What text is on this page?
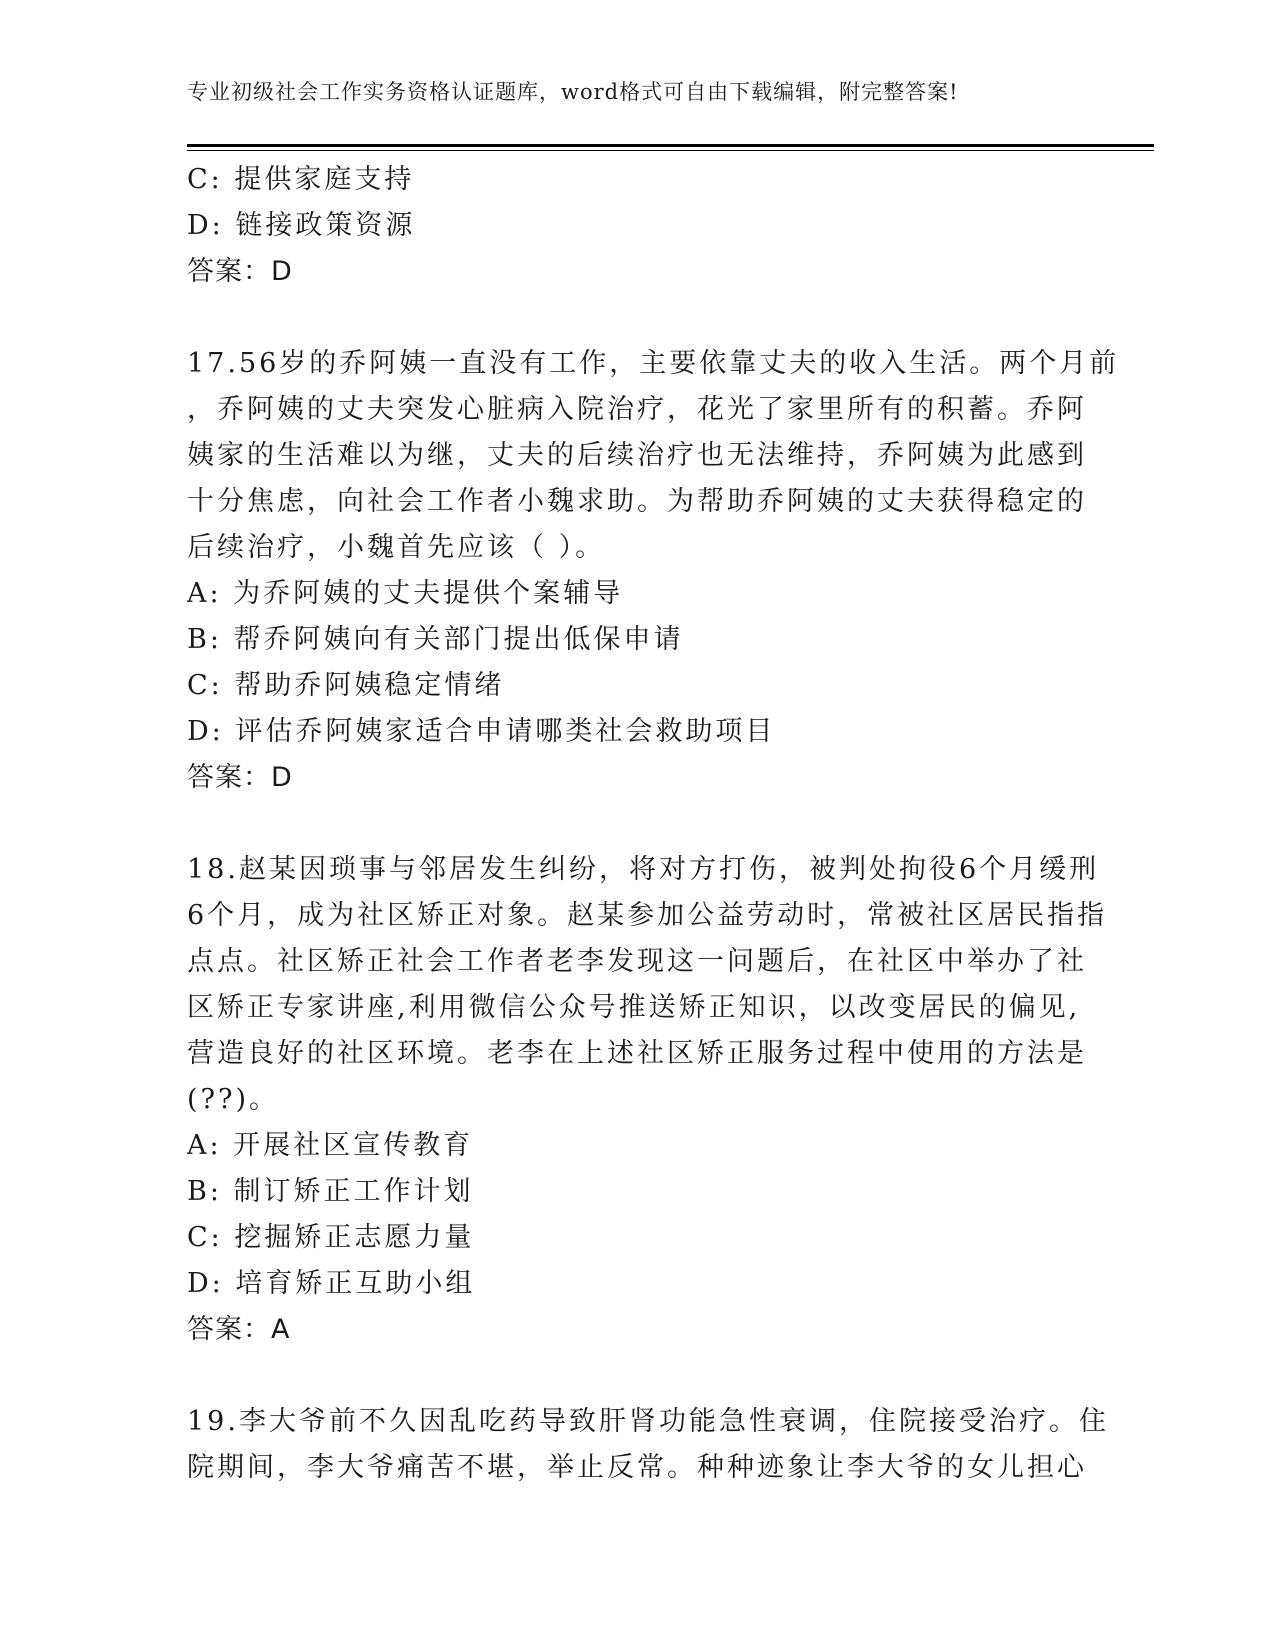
专业初级社会工作实务资格认证题库，word格式可自由下载编辑，附完整答案!
C: 提供家庭支持
D: 链接政策资源
答案：D
17.56岁的乔阿姨一直没有工作，主要依靠丈夫的收入生活。两个月前
，乔阿姨的丈夫突发心脏病入院治疗，花光了家里所有的积蓄。乔阿
姨家的生活难以为继，丈夫的后续治疗也无法维持，乔阿姨为此感到
十分焦虑，向社会工作者小魏求助。为帮助乔阿姨的丈夫获得稳定的
后续治疗，小魏首先应该（ ）。
A: 为乔阿姨的丈夫提供个案辅导
B: 帮乔阿姨向有关部门提出低保申请
C: 帮助乔阿姨稳定情绪
D: 评估乔阿姨家适合申请哪类社会救助项目
答案：D
18.赵某因琐事与邻居发生纠纷，将对方打伤，被判处拘役6个月缓刑
6个月，成为社区矫正对象。赵某参加公益劳动时，常被社区居民指指
点点。社区矫正社会工作者老李发现这一问题后，在社区中举办了社
区矫正专家讲座,利用微信公众号推送矫正知识，以改变居民的偏见,
营造良好的社区环境。老李在上述社区矫正服务过程中使用的方法是
(??)。
A: 开展社区宣传教育
B: 制订矫正工作计划
C: 挖掘矫正志愿力量
D: 培育矫正互助小组
答案：A
19.李大爷前不久因乱吃药导致肝肾功能急性衰调，住院接受治疗。住
院期间，李大爷痛苦不堪，举止反常。种种迹象让李大爷的女儿担心
